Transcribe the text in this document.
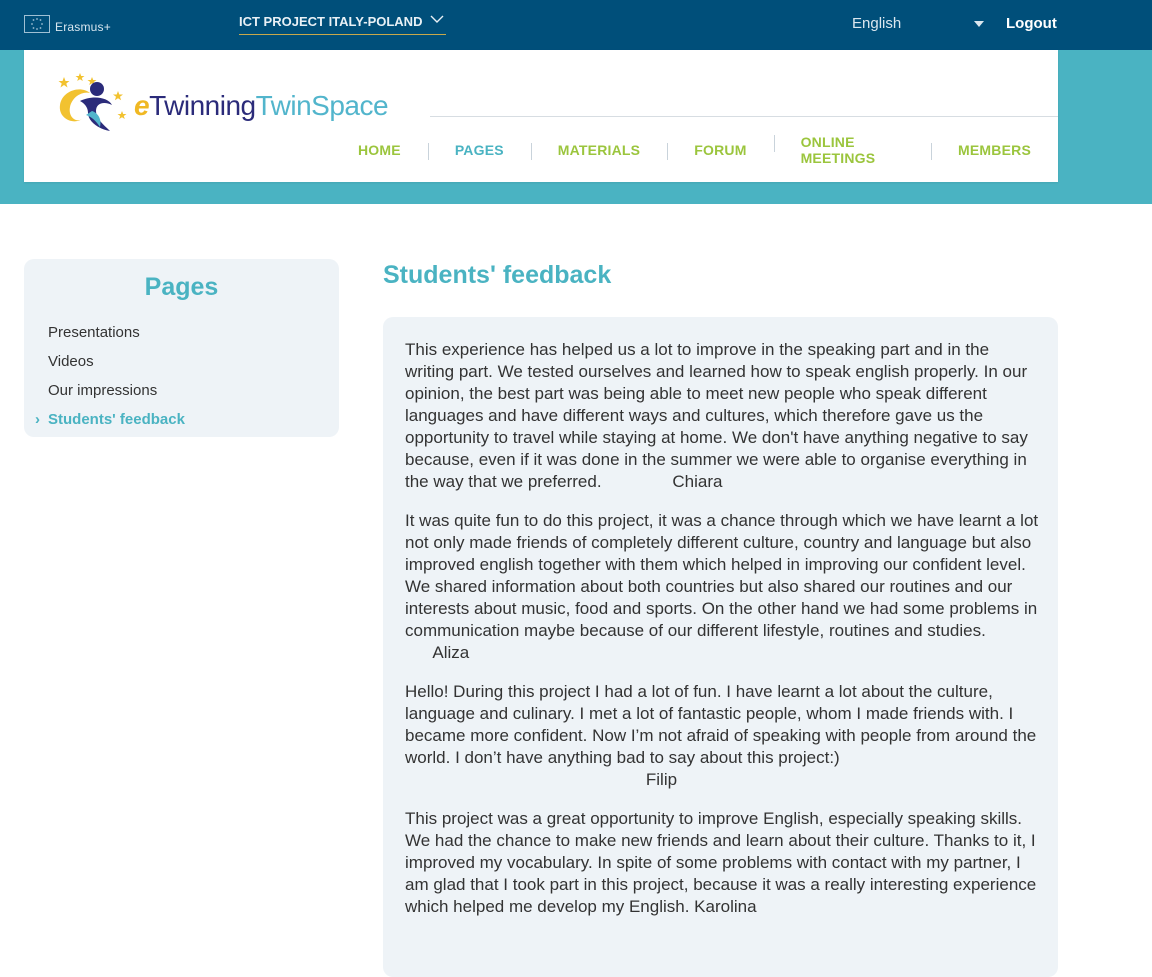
Erasmus+	ICT PROJECT ITALY-POLAND	English	Logout
eTwinningTwinSpace
HOME	PAGES	MATERIALS	FORUM	ONLINE MEETINGS	MEMBERS
Pages
Presentations
Videos
Our impressions
› Students' feedback
Students' feedback

This experience has helped us a lot to improve in the speaking part and in the writing part. We tested ourselves and learned how to speak english properly. In our opinion, the best part was being able to meet new people who speak different languages and have different ways and cultures, which therefore gave us the opportunity to travel while staying at home. We don't have anything negative to say because, even if it was done in the summer we were able to organise everything in the way that we preferred.	Chiara

It was quite fun to do this project, it was a chance through which we have learnt a lot not only made friends of completely different culture, country and language but also improved english together with them which helped in improving our confident level. We shared information about both countries but also shared our routines and our interests about music, food and sports. On the other hand we had some problems in communication maybe because of our different lifestyle, routines and studies.      Aliza

Hello! During this project I had a lot of fun. I have learnt a lot about the culture, language and culinary. I met a lot of fantastic people, whom I made friends with. I became more confident. Now I’m not afraid of speaking with people from around the world. I don’t have anything bad to say about this project:)                                                   Filip

This project was a great opportunity to improve English, especially speaking skills. We had the chance to make new friends and learn about their culture. Thanks to it, I improved my vocabulary. In spite of some problems with contact with my partner, I am glad that I took part in this project, because it was a really interesting experience which helped me develop my English. Karolina
